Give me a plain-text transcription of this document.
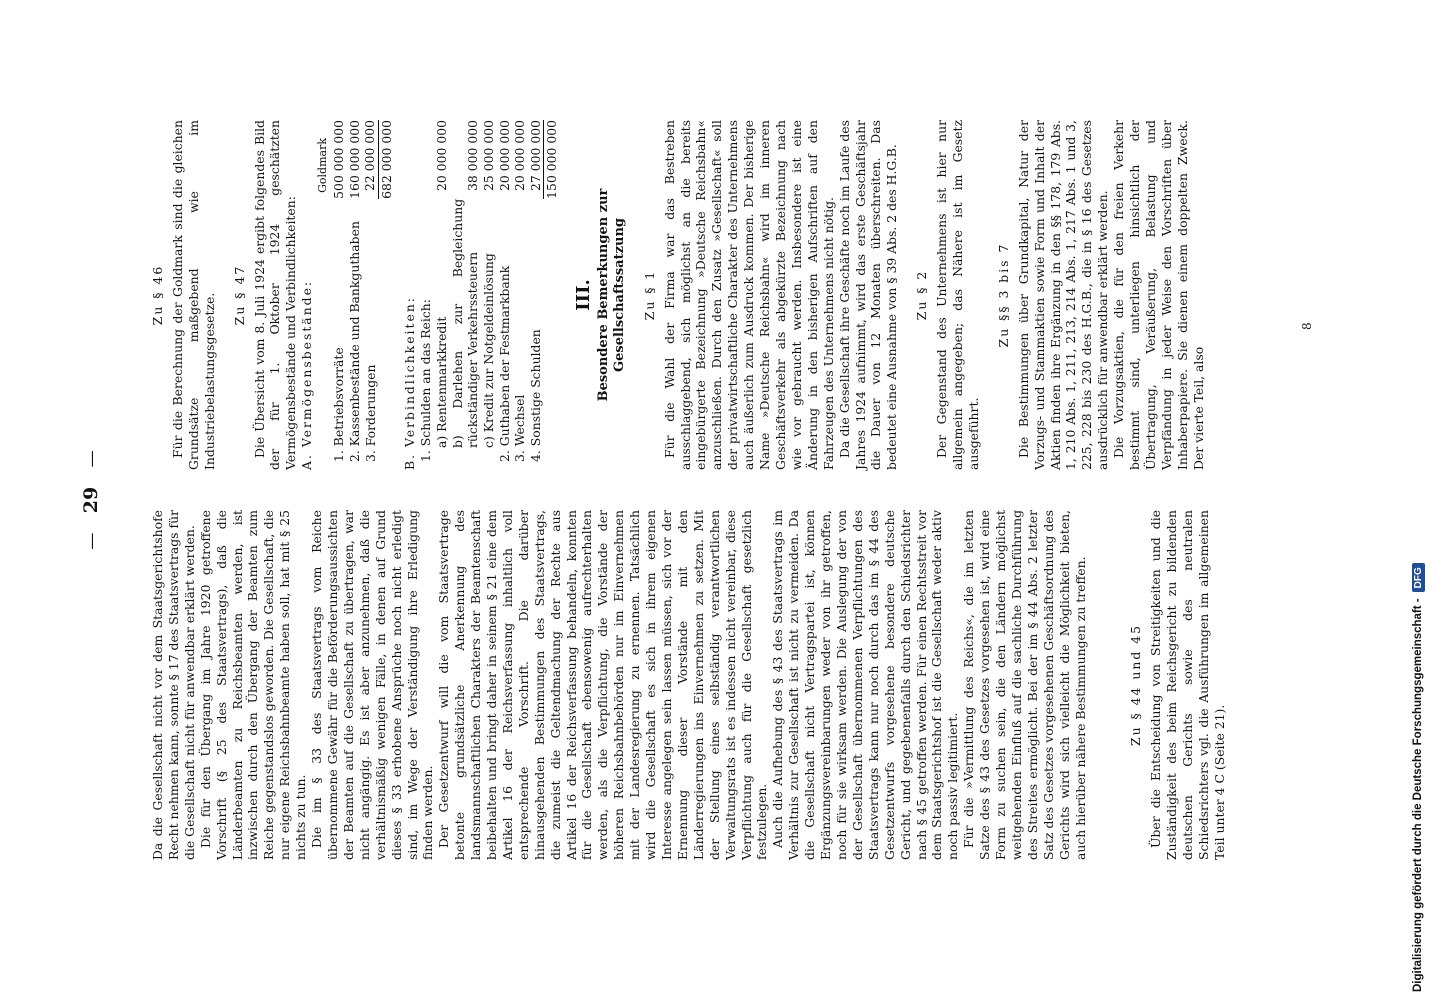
— 29 —

Da die Gesellschaft nicht vor dem Staatsgerichtshofe Recht nehmen kann, sonnte § 17 des Staatsvertrags für die Gesellschaft nicht für anwendbar erklärt werden. Die für den Übergang im Jahre 1920 getroffene Vorschrift (§ 25 des Staatsvertrags), daß die Länderbeamten zu Reichsbeamten werden, ist inzwischen durch den Übergang der Beamten zum Reiche gegenstandslos geworden. Die Gesellschaft, die nur eigene Reichsbahnbeamte haben soll, hat mit § 25 nichts zu tun. Die im § 33 des Staatsvertrags vom Reiche übernommene Gewähr für die Beförderungsaussichten der Beamten auf die Gesellschaft zu übertragen, war nicht angängig. Es ist aber anzunehmen, daß die verhältnismäßig wenigen Fälle, in denen auf Grund dieses § 33 erhobene Ansprüche noch nicht erledigt sind, im Wege der Verständigung ihre Erledigung finden werden. Der Gesetzentwurf will die vom Staatsvertrage betonte grundsätzliche Anerkennung des landsmannschaftlichen Charakters der Beamtenschaft beibehalten und bringt daher in seinem § 21 eine dem Artikel 16 der Reichsverfassung inhaltlich voll entsprechende Vorschrift. Die darüber hinausgehenden Bestimmungen des Staatsvertrags, die zumeist die Geltendmachung der Rechte aus Artikel 16 der Reichsverfassung behandeln, konnten für die Gesellschaft ebensowenig aufrechterhalten werden, als die Verpflichtung, die Vorstände der höheren Reichsbahnbehörden nur im Einvernehmen mit der Landesregierung zu ernennen. Tatsächlich wird die Gesellschaft es sich in ihrem eigenen Interesse angelegen sein lassen müssen, sich vor der Ernennung dieser Vorstände mit den Länderregierungen ins Einvernehmen zu setzen. Mit der Stellung eines selbständig verantwortlichen Verwaltungsrats ist es indessen nicht vereinbar, diese Verpflichtung auch für die Gesellschaft gesetzlich festzulegen. Auch die Aufhebung des § 43 des Staatsvertrags im Verhältnis zur Gesellschaft ist nicht zu vermeiden. Da die Gesellschaft nicht Vertragspartei ist, können Ergänzungsvereinbarungen weder von ihr getroffen, noch für sie wirksam werden. Die Auslegung der von der Gesellschaft übernommenen Verpflichtungen des Staatsvertrags kann nur noch durch das im § 44 des Gesetzentwurfs vorgesehene besondere deutsche Gericht, und gegebenenfalls durch den Schiedsrichter nach § 45 getroffen werden. Für einen Rechtsstreit vor dem Staatsgerichtshof ist die Gesellschaft weder aktiv noch passiv legitimiert. Für die »Vermittlung des Reichs«, die im letzten Satze des § 43 des Gesetzes vorgesehen ist, wird eine Form zu suchen sein, die den Ländern möglichst weitgehenden Einfluß auf die sachliche Durchführung des Streites ermöglicht. Bei der im § 44 Abs. 2 letzter Satz des Gesetzes vorgesehenen Geschäftsordnung des Gerichts wird sich vielleicht die Möglichkeit bieten, auch hierüber nähere Bestimmungen zu treffen.	Zu § 44 und 45 Über die Entscheidung von Streitigkeiten und die Zuständigkeit des beim Reichsgericht zu bildenden deutschen Gerichts sowie des neutralen Schiedsrichters vgl. die Ausführungen im allgemeinen Teil unter 4 C (Seite 21).

Zu § 46 Für die Berechnung der Goldmark sind die gleichen Grundsätze maßgebend wie im Industriebelastungsgesetze. Zu § 47 Die Übersicht vom 8. Juli 1924 ergibt folgendes Bild der für 1. Oktober 1924 geschätzten Vermögensbestände und Verbindlichkeiten: A. Vermögensbestände:

Goldmark
1. Betriebsvorräte	500 000 000
2. Kassenbestände und Bankguthaben	160 000 000
3. Forderungen	22 000 000
	682 000 000

B. Verbindlichkeiten: 1. Schulden an das Reich: a) Rentenmarkkredit	20 000 000
b) Darlehen zur Begleichung rückständiger Verkehrssteuern	38 000 000
c) Kredit zur Notgeldeinlösung	25 000 000
2. Guthaben der Festmarkbank	20 000 000
3. Wechsel	20 000 000
4. Sonstige Schulden	27 000 000
	150 000 000
III. Besondere Bemerkungen zur Gesellschaftssatzung Zu § 1 Für die Wahl der Firma war das Bestreben ausschlaggebend, sich möglichst an die bereits eingebürgerte Bezeichnung »Deutsche Reichsbahn« anzuschließen. Durch den Zusatz »Gesellschaft« soll der privatwirtschaftliche Charakter des Unternehmens auch äußerlich zum Ausdruck kommen. Der bisherige Name »Deutsche Reichsbahn« wird im inneren Geschäftsverkehr als abgekürzte Bezeichnung nach wie vor gebraucht werden. Insbesondere ist eine Änderung in den bisherigen Aufschriften auf den Fahrzeugen des Unternehmens nicht nötig. Da die Gesellschaft ihre Geschäfte noch im Laufe des Jahres 1924 aufnimmt, wird das erste Geschäftsjahr die Dauer von 12 Monaten überschreiten. Das bedeutet eine Ausnahme von § 39 Abs. 2 des H.G.B. Zu § 2 Der Gegenstand des Unternehmens ist hier nur allgemein angegeben; das Nähere ist im Gesetz ausgeführt.

Zu §§ 3 bis 7 Die Bestimmungen über Grundkapital, Natur der Vorzugs- und Stammaktien sowie Form und Inhalt der Aktien finden ihre Ergänzung in den §§ 178, 179 Abs. 1, 210 Abs. 1, 211, 213, 214 Abs. 1, 217 Abs. 1 und 3, 225, 228 bis 230 des H.G.B., die in § 16 des Gesetzes ausdrücklich für anwendbar erklärt werden. Die Vorzugsaktien, die für den freien Verkehr bestimmt sind, unterliegen hinsichtlich der Übertragung, Veräußerung, Belastung und Verpfändung in jeder Weise den Vorschriften über Inhaberpapiere. Sie dienen einem doppelten Zweck. Der vierte Teil, also

8
Digitalisierung gefördert durch die Deutsche Forschungsgemeinschaft -
DFG
